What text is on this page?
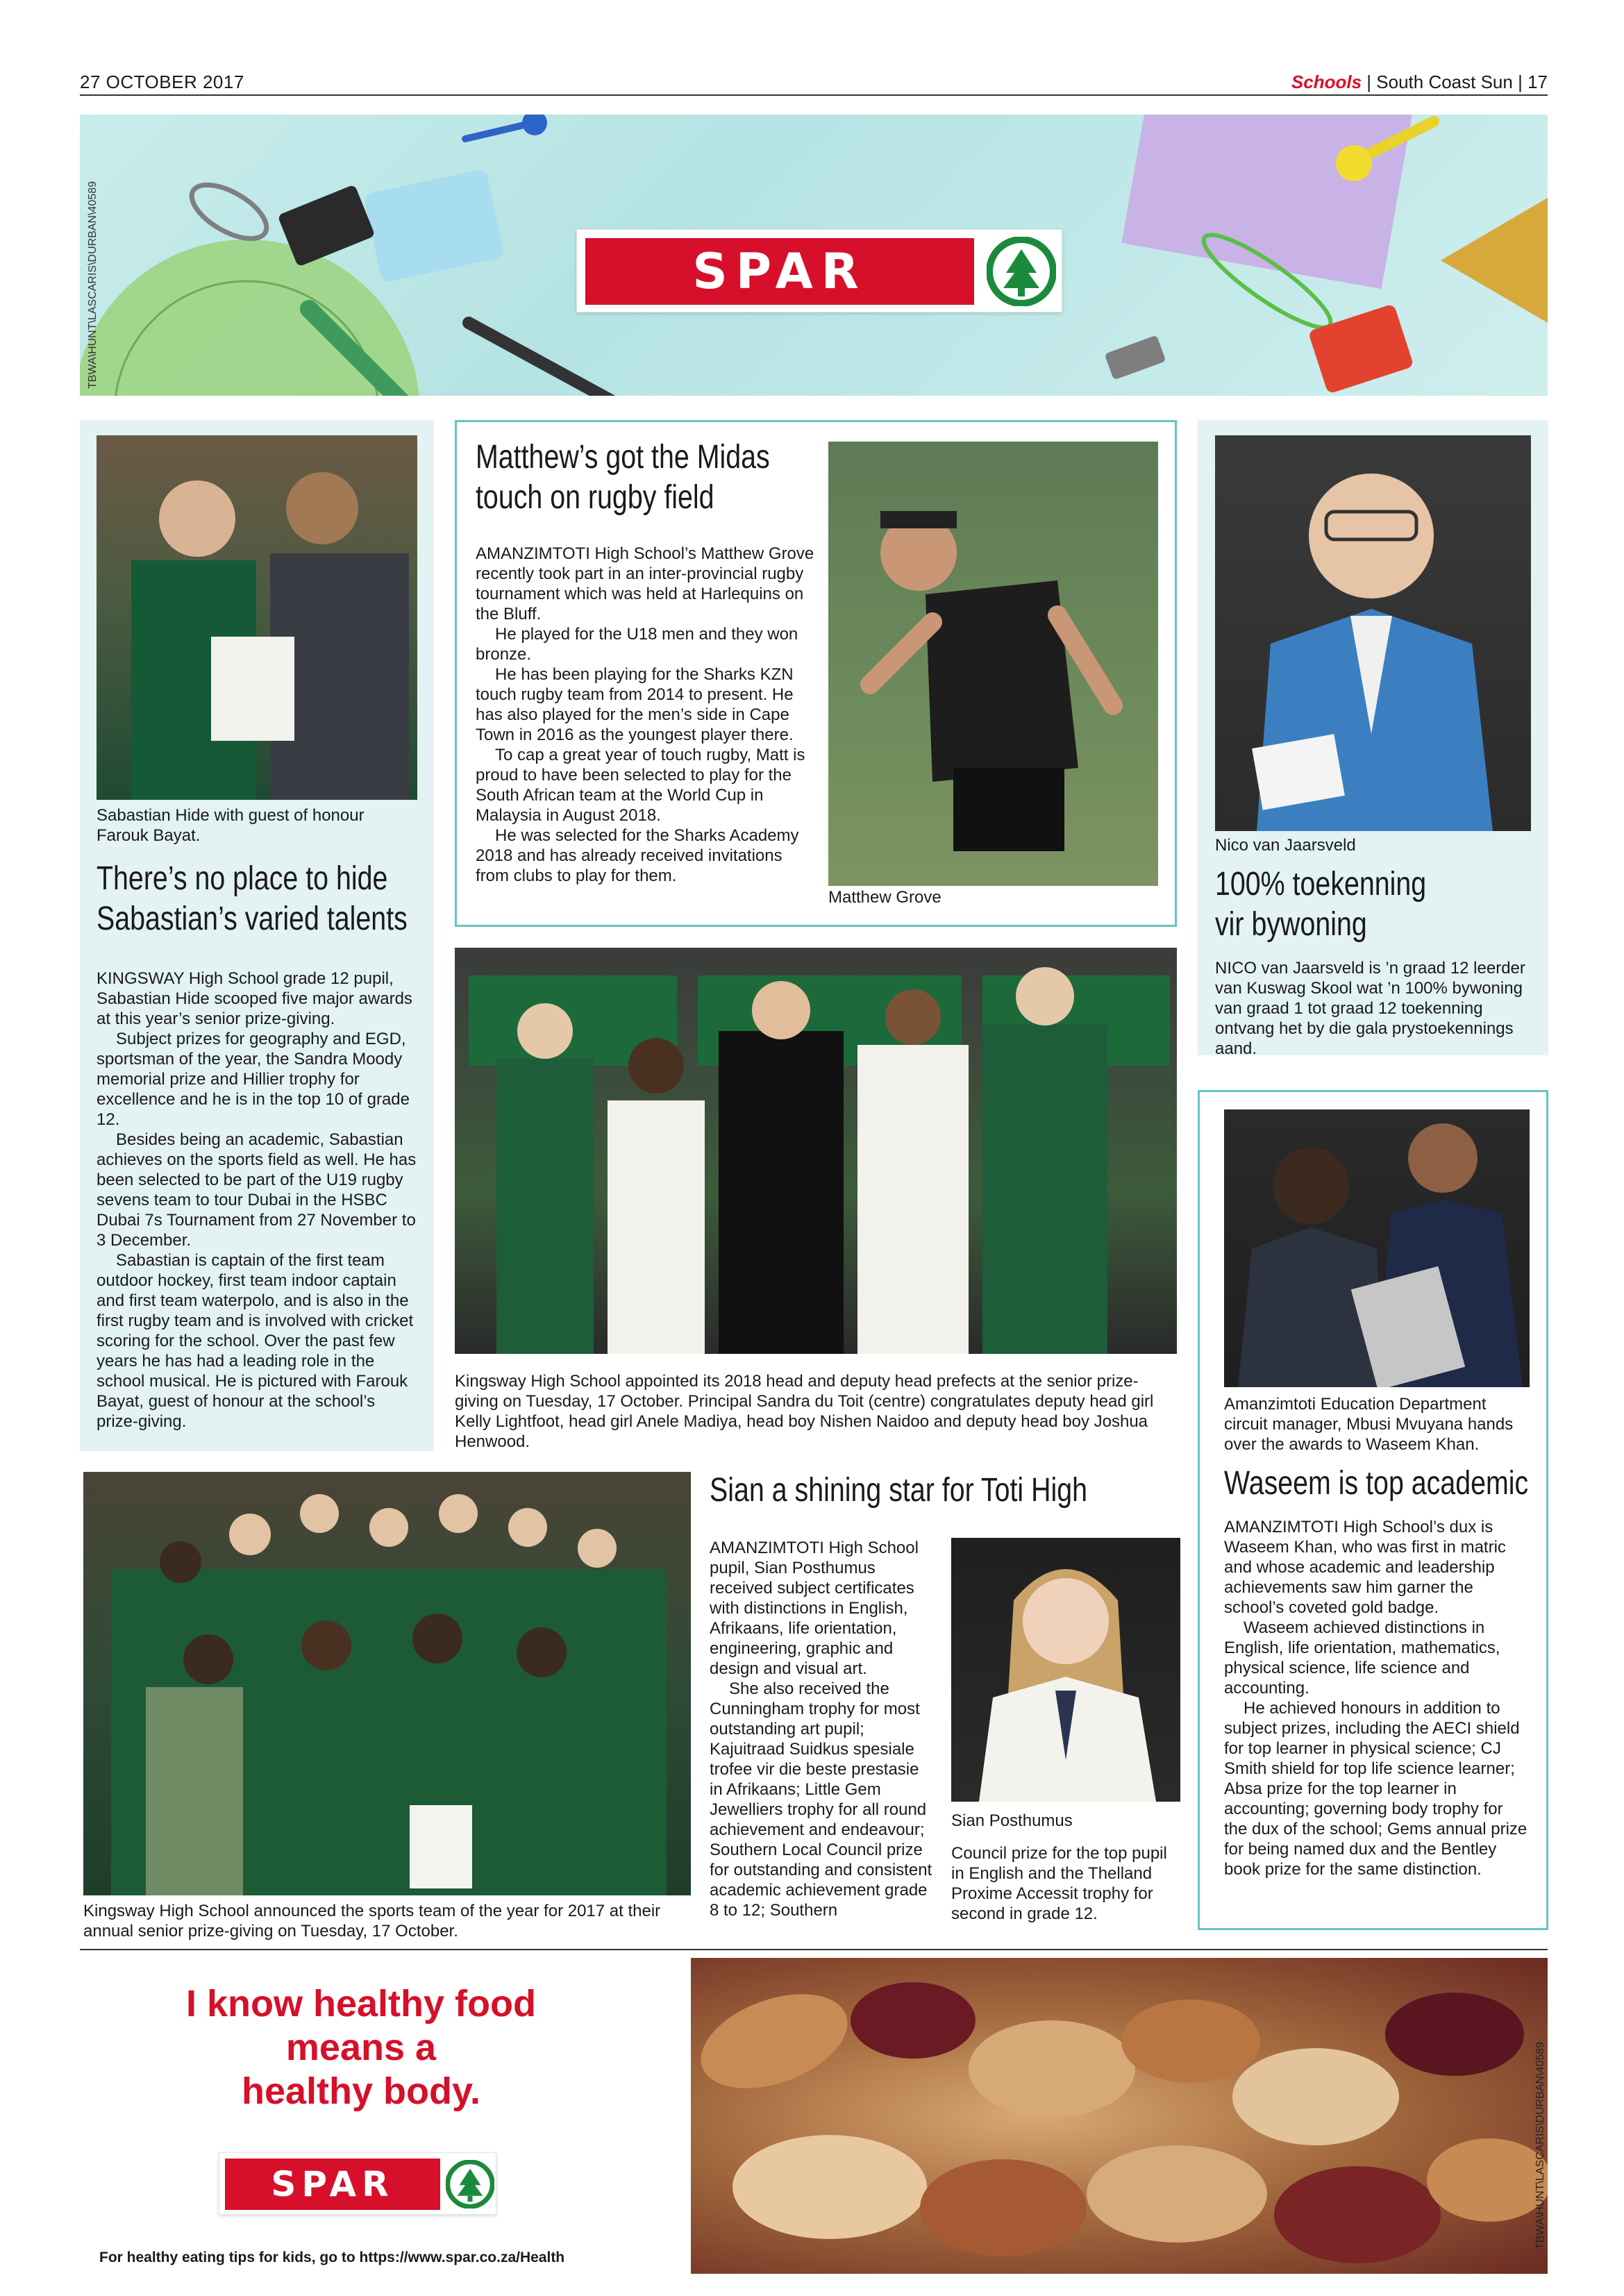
27 OCTOBER 2017	Schools | South Coast Sun | 17
TBWA\HUNT\LASCARIS\DURBAN\40589	SPAR
Sabastian Hide with guest of honour Farouk Bayat.
There’s no place to hide
Sabastian’s varied talents

KINGSWAY High School grade 12 pupil, Sabastian Hide scooped five major awards at this year’s senior prize-giving.

Subject prizes for geography and EGD, sportsman of the year, the Sandra Moody memorial prize and Hillier trophy for excellence and he is in the top 10 of grade 12.

Besides being an academic, Sabastian achieves on the sports field as well. He has been selected to be part of the U19 rugby sevens team to tour Dubai in the HSBC Dubai 7s Tournament from 27 November to 3 December.

Sabastian is captain of the first team outdoor hockey, first team indoor captain and first team waterpolo, and is also in the first rugby team and is involved with cricket scoring for the school. Over the past few years he has had a leading role in the school musical. He is pictured with Farouk Bayat, guest of honour at the school’s prize-giving.

Matthew’s got the Midas
touch on rugby field

AMANZIMTOTI High School’s Matthew Grove recently took part in an inter-provincial rugby tournament which was held at Harlequins on the Bluff.

He played for the U18 men and they won bronze.

He has been playing for the Sharks KZN touch rugby team from 2014 to present. He has also played for the men’s side in Cape Town in 2016 as the youngest player there.

To cap a great year of touch rugby, Matt is proud to have been selected to play for the South African team at the World Cup in Malaysia in August 2018.

He was selected for the Sharks Academy 2018 and has already received invitations from clubs to play for them.

Matthew Grove
Nico van Jaarsveld
100% toekenning
vir bywoning
NICO van Jaarsveld is ’n graad 12 leerder van Kuswag Skool wat ’n 100% bywoning van graad 1 tot graad 12 toekenning ontvang het by die gala prystoekennings aand.
Kingsway High School appointed its 2018 head and deputy head prefects at the senior prize-giving on Tuesday, 17 October. Principal Sandra du Toit (centre) congratulates deputy head girl Kelly Lightfoot, head girl Anele Madiya, head boy Nishen Naidoo and deputy head boy Joshua Henwood.
Amanzimtoti Education Department circuit manager, Mbusi Mvuyana hands over the awards to Waseem Khan.
Waseem is top academic

AMANZIMTOTI High School’s dux is Waseem Khan, who was first in matric and whose academic and leadership achievements saw him garner the school’s coveted gold badge.

Waseem achieved distinctions in English, life orientation, mathematics, physical science, life science and accounting.

He achieved honours in addition to subject prizes, including the AECI shield for top learner in physical science; CJ Smith shield for top life science learner; Absa prize for the top learner in accounting; governing body trophy for the dux of the school; Gems annual prize for being named dux and the Bentley book prize for the same distinction.

Kingsway High School announced the sports team of the year for 2017 at their annual senior prize-giving on Tuesday, 17 October.
Sian a shining star for Toti High

AMANZIMTOTI High School pupil, Sian Posthumus received subject certificates with distinctions in English, Afrikaans, life orientation, engineering, graphic and design and visual art.

She also received the Cunningham trophy for most outstanding art pupil; Kajuitraad Suidkus spesiale trofee vir die beste prestasie in Afrikaans; Little Gem Jewelliers trophy for all round achievement and endeavour; Southern Local Council prize for outstanding and consistent academic achievement grade 8 to 12; Southern

Sian Posthumus
Council prize for the top pupil in English and the Thelland Proxime Accessit trophy for second in grade 12.
I know healthy food
means a
healthy body.
SPAR
For healthy eating tips for kids, go to https://www.spar.co.za/Health
TBWA\HUNT\LASCARIS\DURBAN\40589
